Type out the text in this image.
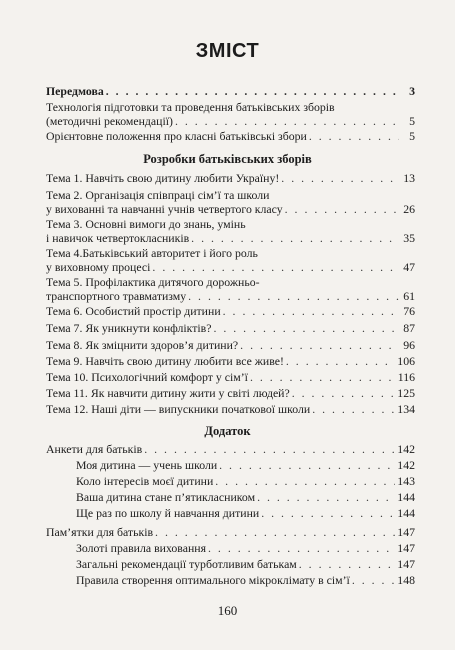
ЗМІСТ
Розробки батьківських зборів
Додаток
Передмова . . .	3
Технологія підготовки та проведення батьківських зборів
(методичні рекомендації) . . .	5
Орієнтовне положення про класні батьківські збори . . .	5
Тема 1. Навчіть свою дитину любити Україну! . . .	13
Тема 2. Організація співпраці сім’ї та школи
у вихованні та навчанні учнів четвертого класу . . .	26
Тема 3. Основні вимоги до знань, умінь
і навичок четвертокласників . . .	35
Тема 4.Батьківський авторитет і його роль
у виховному процесі . . .	47
Тема 5. Профілактика дитячого дорожньо-
транспортного травматизму . . .	61
Тема 6. Особистий простір дитини . . .	76
Тема 7. Як уникнути конфліктів? . . .	87
Тема 8. Як зміцнити здоров’я дитини? . . .	96
Тема 9. Навчіть свою дитину любити все живе! . . .	106
Тема 10. Психологічний комфорт у сім’ї . . .	116
Тема 11. Як навчити дитину жити у світі людей? . . .	125
Тема 12. Наші діти — випускники початкової школи . . .	134
Анкети для батьків . . .	142
Моя дитина — учень школи . . .	142
Коло інтересів моєї дитини . . .	143
Ваша дитина стане п’ятикласником . . .	144
Ще раз по школу й навчання дитини . . .	144
Пам’ятки для батьків . . .	147
Золоті правила виховання . . .	147
Загальні рекомендації турботливим батькам . . .	147
Правила створення оптимального мікроклімату в сім’ї . . .	148
160
